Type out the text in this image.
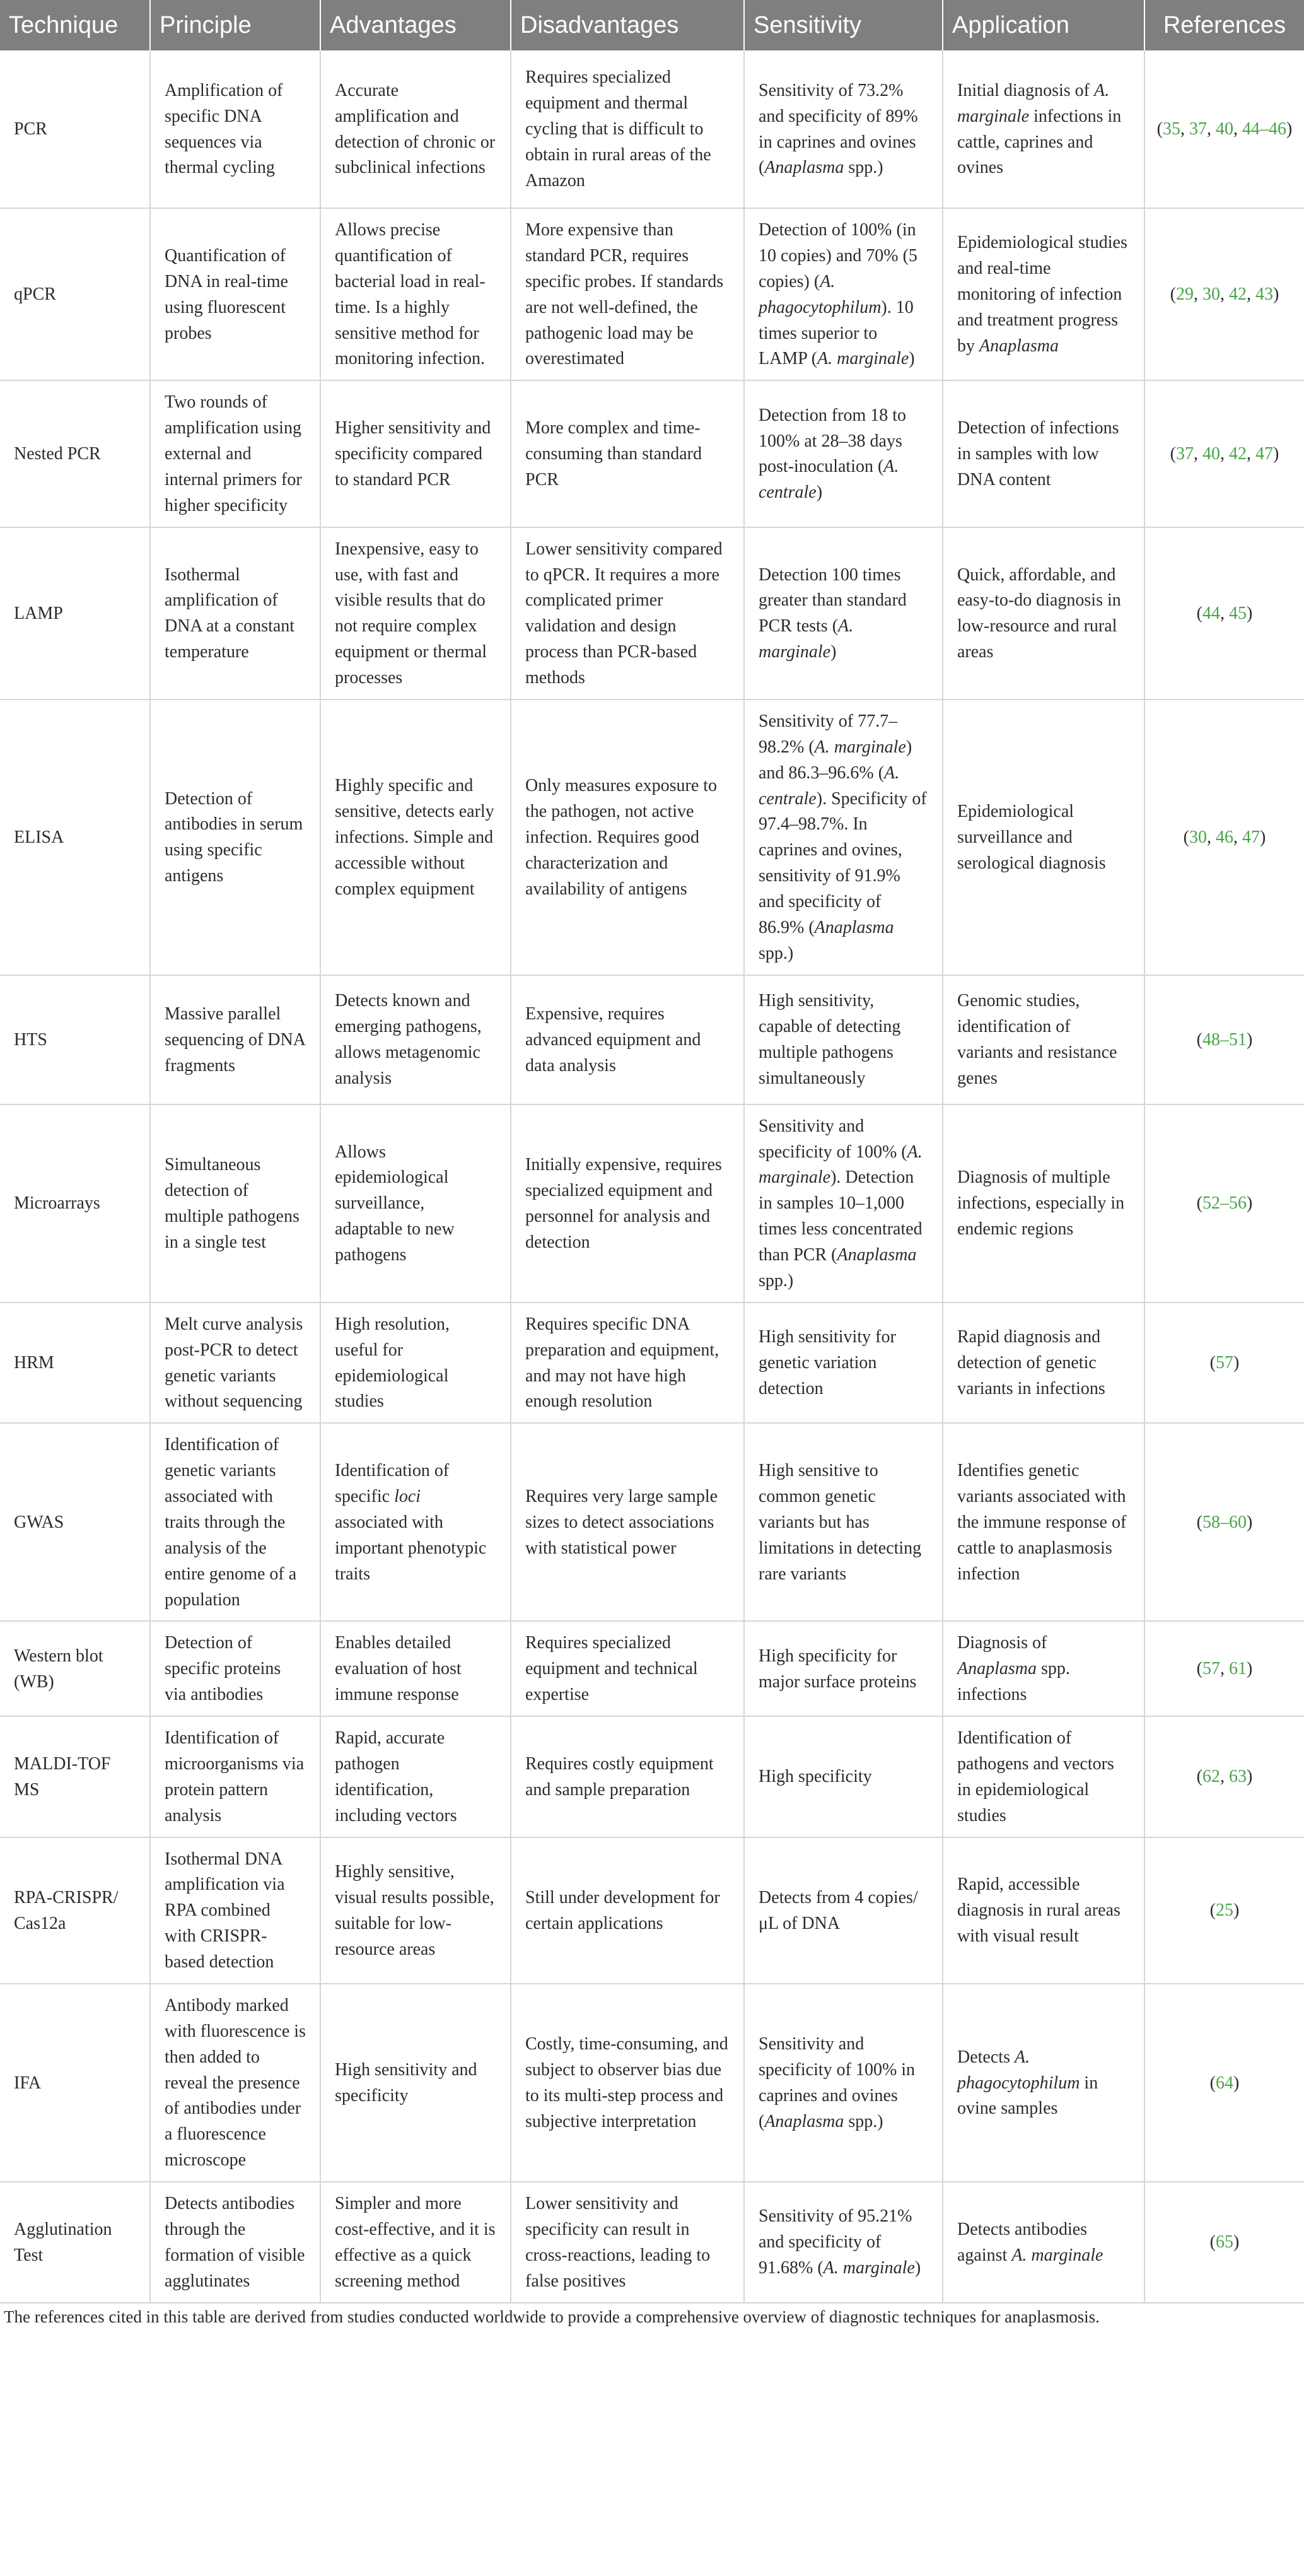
Technique	Principle	Advantages	Disadvantages	Sensitivity	Application	References
PCR	Amplification of specific DNA sequences via thermal cycling	Accurate amplification and detection of chronic or subclinical infections	Requires specialized equipment and thermal cycling that is difficult to obtain in rural areas of the Amazon	Sensitivity of 73.2% and specificity of 89% in caprines and ovines (Anaplasma spp.)	Initial diagnosis of A. marginale infections in cattle, caprines and ovines	(35, 37, 40, 44–46)
qPCR	Quantification of DNA in real-time using fluorescent probes	Allows precise quantification of bacterial load in real-time. Is a highly sensitive method for monitoring infection.	More expensive than standard PCR, requires specific probes. If standards are not well-defined, the pathogenic load may be overestimated	Detection of 100% (in 10 copies) and 70% (5 copies) (A. phagocytophilum). 10 times superior to LAMP (A. marginale)	Epidemiological studies and real-time monitoring of infection and treatment progress by Anaplasma	(29, 30, 42, 43)
Nested PCR	Two rounds of amplification using external and internal primers for higher specificity	Higher sensitivity and specificity compared to standard PCR	More complex and time-consuming than standard PCR	Detection from 18 to 100% at 28–38 days post-inoculation (A. centrale)	Detection of infections in samples with low DNA content	(37, 40, 42, 47)
LAMP	Isothermal amplification of DNA at a constant temperature	Inexpensive, easy to use, with fast and visible results that do not require complex equipment or thermal processes	Lower sensitivity compared to qPCR. It requires a more complicated primer validation and design process than PCR-based methods	Detection 100 times greater than standard PCR tests (A. marginale)	Quick, affordable, and easy-to-do diagnosis in low-resource and rural areas	(44, 45)
ELISA	Detection of antibodies in serum using specific antigens	Highly specific and sensitive, detects early infections. Simple and accessible without complex equipment	Only measures exposure to the pathogen, not active infection. Requires good characterization and availability of antigens	Sensitivity of 77.7–98.2% (A. marginale) and 86.3–96.6% (A. centrale). Specificity of 97.4–98.7%. In caprines and ovines, sensitivity of 91.9% and specificity of 86.9% (Anaplasma spp.)	Epidemiological surveillance and serological diagnosis	(30, 46, 47)
HTS	Massive parallel sequencing of DNA fragments	Detects known and emerging pathogens, allows metagenomic analysis	Expensive, requires advanced equipment and data analysis	High sensitivity, capable of detecting multiple pathogens simultaneously	Genomic studies, identification of variants and resistance genes	(48–51)
Microarrays	Simultaneous detection of multiple pathogens in a single test	Allows epidemiological surveillance, adaptable to new pathogens	Initially expensive, requires specialized equipment and personnel for analysis and detection	Sensitivity and specificity of 100% (A. marginale). Detection in samples 10–1,000 times less concentrated than PCR (Anaplasma spp.)	Diagnosis of multiple infections, especially in endemic regions	(52–56)
HRM	Melt curve analysis post-PCR to detect genetic variants without sequencing	High resolution, useful for epidemiological studies	Requires specific DNA preparation and equipment, and may not have high enough resolution	High sensitivity for genetic variation detection	Rapid diagnosis and detection of genetic variants in infections	(57)
GWAS	Identification of genetic variants associated with traits through the analysis of the entire genome of a population	Identification of specific loci associated with important phenotypic traits	Requires very large sample sizes to detect associations with statistical power	High sensitive to common genetic variants but has limitations in detecting rare variants	Identifies genetic variants associated with the immune response of cattle to anaplasmosis infection	(58–60)
Western blot (WB)	Detection of specific proteins via antibodies	Enables detailed evaluation of host immune response	Requires specialized equipment and technical expertise	High specificity for major surface proteins	Diagnosis of Anaplasma spp. infections	(57, 61)
MALDI-TOF MS	Identification of microorganisms via protein pattern analysis	Rapid, accurate pathogen identification, including vectors	Requires costly equipment and sample preparation	High specificity	Identification of pathogens and vectors in epidemiological studies	(62, 63)
RPA-CRISPR/ Cas12a	Isothermal DNA amplification via RPA combined with CRISPR-based detection	Highly sensitive, visual results possible, suitable for low-resource areas	Still under development for certain applications	Detects from 4 copies/ μL of DNA	Rapid, accessible diagnosis in rural areas with visual result	(25)
IFA	Antibody marked with fluorescence is then added to reveal the presence of antibodies under a fluorescence microscope	High sensitivity and specificity	Costly, time-consuming, and subject to observer bias due to its multi-step process and subjective interpretation	Sensitivity and specificity of 100% in caprines and ovines (Anaplasma spp.)	Detects A. phagocytophilum in ovine samples	(64)
Agglutination Test	Detects antibodies through the formation of visible agglutinates	Simpler and more cost-effective, and it is effective as a quick screening method	Lower sensitivity and specificity can result in cross-reactions, leading to false positives	Sensitivity of 95.21% and specificity of 91.68% (A. marginale)	Detects antibodies against A. marginale	(65)
The references cited in this table are derived from studies conducted worldwide to provide a comprehensive overview of diagnostic techniques for anaplasmosis.
